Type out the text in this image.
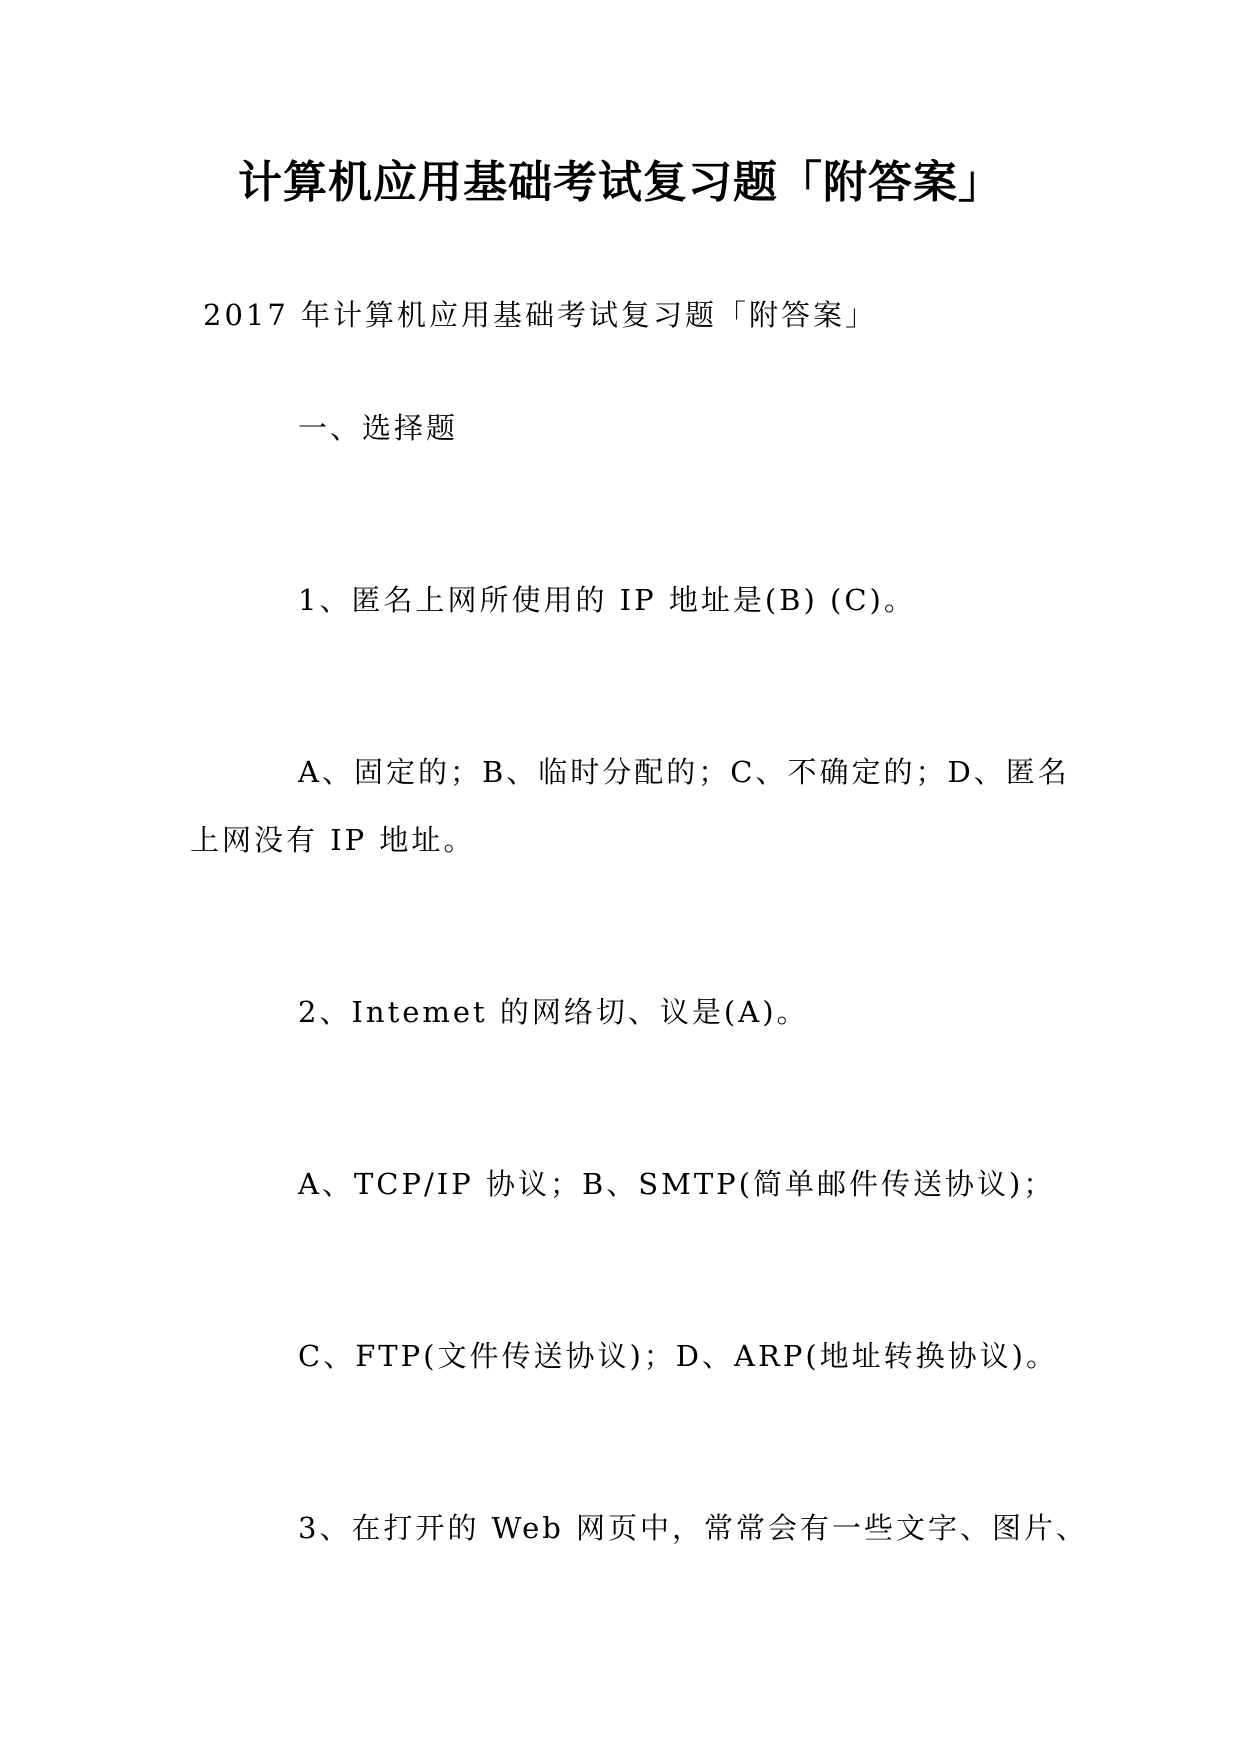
计算机应用基础考试复习题「附答案」
2017 年计算机应用基础考试复习题「附答案」
一、选择题
1、匿名上网所使用的 IP 地址是(B) (C)。
A、固定的；B、临时分配的；C、不确定的；D、匿名
上网没有 IP 地址。
2、Intemet 的网络切、议是(A)。
A、TCP/IP 协议；B、SMTP(简单邮件传送协议)；
C、FTP(文件传送协议)；D、ARP(地址转换协议)。
3、在打开的 Web 网页中，常常会有一些文字、图片、
